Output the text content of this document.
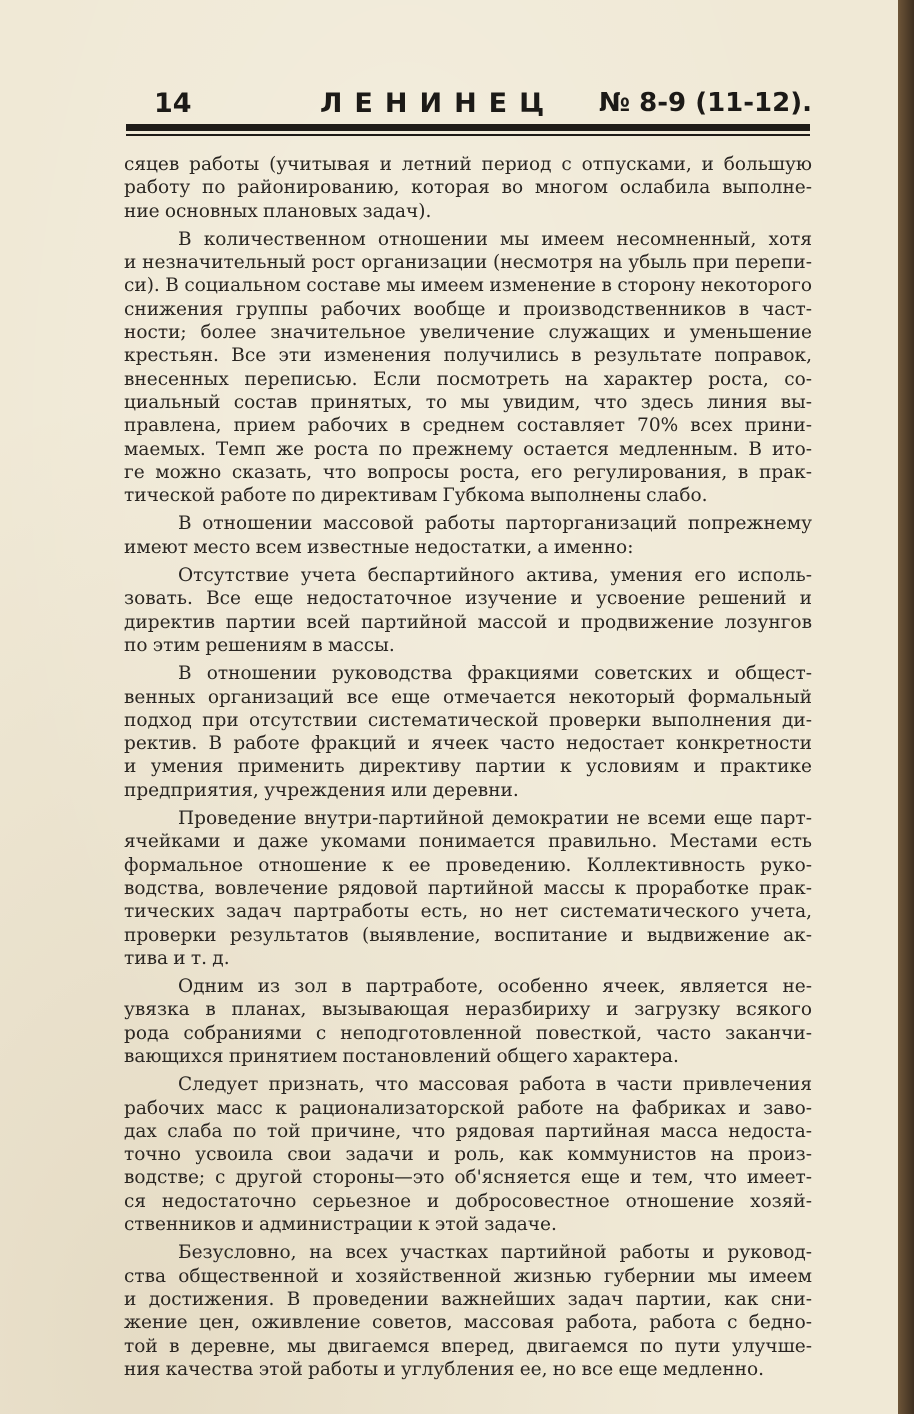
14	ЛЕНИНЕЦ № 8-9 (11-12).
сяцев работы (учитывая и летний период с отпусками, и большую
работу по районированию, которая во многом ослабила выполне-
ние основных плановых задач).
В количественном отношении мы имеем несомненный, хотя
и незначительный рост организации (несмотря на убыль при перепи-
си). В социальном составе мы имеем изменение в сторону некоторого
снижения группы рабочих вообще и производственников в част-
ности; более значительное увеличение служащих и уменьшение
крестьян. Все эти изменения получились в результате поправок,
внесенных переписью. Если посмотреть на характер роста, со-
циальный состав принятых, то мы увидим, что здесь линия вы-
правлена, прием рабочих в среднем составляет 70% всех прини-
маемых. Темп же роста по прежнему остается медленным. В ито-
ге можно сказать, что вопросы роста, его регулирования, в прак-
тической работе по директивам Губкома выполнены слабо.
В отношении массовой работы парторганизаций попрежнему
имеют место всем известные недостатки, а именно:
Отсутствие учета беспартийного актива, умения его исполь-
зовать. Все еще недостаточное изучение и усвоение решений и
директив партии всей партийной массой и продвижение лозунгов
по этим решениям в массы.
В отношении руководства фракциями советских и общест-
венных организаций все еще отмечается некоторый формальный
подход при отсутствии систематической проверки выполнения ди-
ректив. В работе фракций и ячеек часто недостает конкретности
и умения применить директиву партии к условиям и практике
предприятия, учреждения или деревни.
Проведение внутри-партийной демократии не всеми еще парт-
ячейками и даже укомами понимается правильно. Местами есть
формальное отношение к ее проведению. Коллективность руко-
водства, вовлечение рядовой партийной массы к проработке прак-
тических задач партработы есть, но нет систематического учета,
проверки результатов (выявление, воспитание и выдвижение ак-
тива и т. д.
Одним из зол в партработе, особенно ячеек, является не-
увязка в планах, вызывающая неразбириху и загрузку всякого
рода собраниями с неподготовленной повесткой, часто заканчи-
вающихся принятием постановлений общего характера.
Следует признать, что массовая работа в части привлечения
рабочих масс к рационализаторской работе на фабриках и заво-
дах слаба по той причине, что рядовая партийная масса недоста-
точно усвоила свои задачи и роль, как коммунистов на произ-
водстве; с другой стороны—это об'ясняется еще и тем, что имеет-
ся недостаточно серьезное и добросовестное отношение хозяй-
ственников и администрации к этой задаче.
Безусловно, на всех участках партийной работы и руковод-
ства общественной и хозяйственной жизнью губернии мы имеем
и достижения. В проведении важнейших задач партии, как сни-
жение цен, оживление советов, массовая работа, работа с бедно-
той в деревне, мы двигаемся вперед, двигаемся по пути улучше-
ния качества этой работы и углубления ее, но все еще медленно.
